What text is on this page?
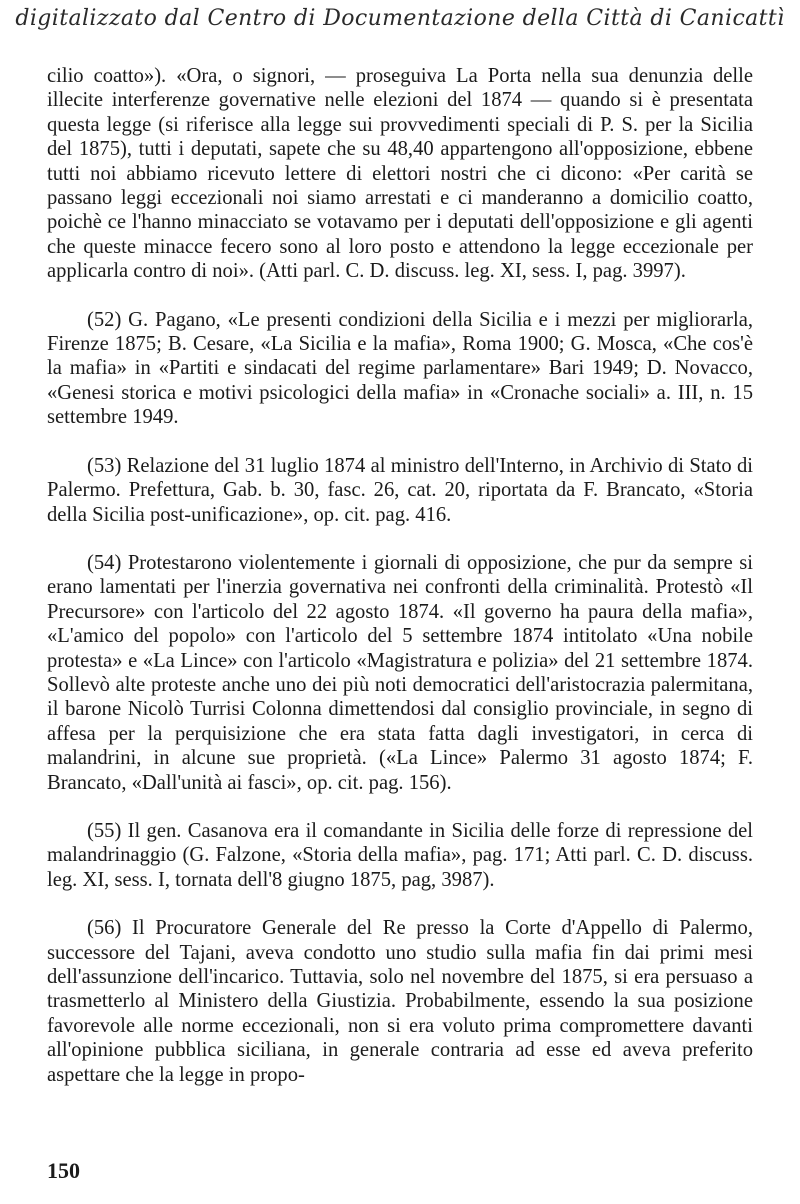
digitalizzato dal Centro di Documentazione della Città di Canicattì

cilio coatto»). «Ora, o signori, — proseguiva La Porta nella sua denunzia delle illecite interferenze governative nelle elezioni del 1874 — quando si è presentata questa legge (si riferisce alla legge sui provvedimenti speciali di P. S. per la Sicilia del 1875), tutti i deputati, sapete che su 48,40 appartengono all'opposizione, ebbene tutti noi abbiamo ricevuto lettere di elettori nostri che ci dicono: «Per carità se passano leggi eccezionali noi siamo arrestati e ci manderanno a domicilio coatto, poichè ce l'hanno minacciato se votavamo per i deputati dell'opposizione e gli agenti che queste minacce fecero sono al loro posto e attendono la legge eccezionale per applicarla contro di noi». (Atti parl. C. D. discuss. leg. XI, sess. I, pag. 3997).

(52) G. Pagano, «Le presenti condizioni della Sicilia e i mezzi per migliorarla, Firenze 1875; B. Cesare, «La Sicilia e la mafia», Roma 1900; G. Mosca, «Che cos'è la mafia» in «Partiti e sindacati del regime parlamentare» Bari 1949; D. Novacco, «Genesi storica e motivi psicologici della mafia» in «Cronache sociali» a. III, n. 15 settembre 1949.

(53) Relazione del 31 luglio 1874 al ministro dell'Interno, in Archivio di Stato di Palermo. Prefettura, Gab. b. 30, fasc. 26, cat. 20, riportata da F. Brancato, «Storia della Sicilia post-unificazione», op. cit. pag. 416.

(54) Protestarono violentemente i giornali di opposizione, che pur da sempre si erano lamentati per l'inerzia governativa nei confronti della criminalità. Protestò «Il Precursore» con l'articolo del 22 agosto 1874. «Il governo ha paura della mafia», «L'amico del popolo» con l'articolo del 5 settembre 1874 intitolato «Una nobile protesta» e «La Lince» con l'articolo «Magistratura e polizia» del 21 settembre 1874. Sollevò alte proteste anche uno dei più noti democratici dell'aristocrazia palermitana, il barone Nicolò Turrisi Colonna dimettendosi dal consiglio provinciale, in segno di affesa per la perquisizione che era stata fatta dagli investigatori, in cerca di malandrini, in alcune sue proprietà. («La Lince» Palermo 31 agosto 1874; F. Brancato, «Dall'unità ai fasci», op. cit. pag. 156).

(55) Il gen. Casanova era il comandante in Sicilia delle forze di repressione del malandrinaggio (G. Falzone, «Storia della mafia», pag. 171; Atti parl. C. D. discuss. leg. XI, sess. I, tornata dell'8 giugno 1875, pag, 3987).

(56) Il Procuratore Generale del Re presso la Corte d'Appello di Palermo, successore del Tajani, aveva condotto uno studio sulla mafia fin dai primi mesi dell'assunzione dell'incarico. Tuttavia, solo nel novembre del 1875, si era persuaso a trasmetterlo al Ministero della Giustizia. Probabilmente, essendo la sua posizione favorevole alle norme eccezionali, non si era voluto prima compromettere davanti all'opinione pubblica siciliana, in generale contraria ad esse ed aveva preferito aspettare che la legge in propo-

150
